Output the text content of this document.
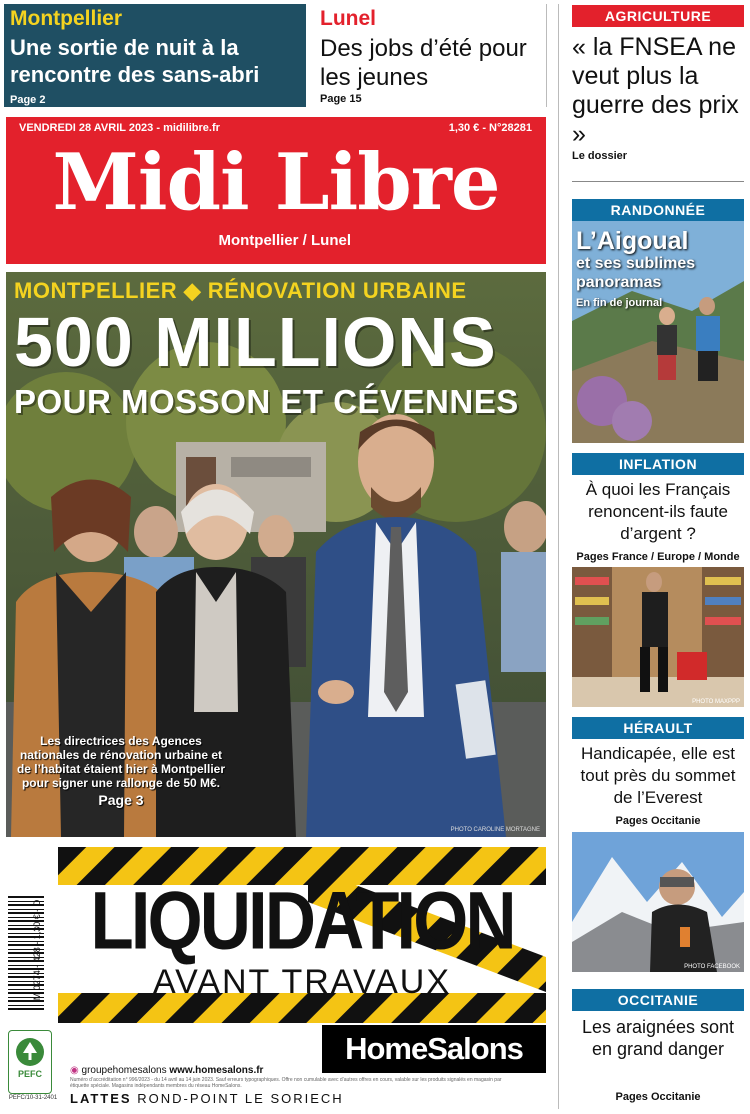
Montpellier
Une sortie de nuit à la rencontre des sans-abri
Page 2
Lunel
Des jobs d’été pour les jeunes
Page 15
VENDREDI 28 AVRIL 2023 - midilibre.fr	1,30 € - N°28281
Midi Libre
Montpellier / Lunel
MONTPELLIER ◆ RÉNOVATION URBAINE
500 MILLIONS
POUR MOSSON ET CÉVENNES
Les directrices des Agences nationales de rénovation urbaine et de l’habitat étaient hier à Montpellier pour signer une rallonge de 50 M€.
Page 3
PHOTO CAROLINE MORTAGNE
LIQUIDATION
AVANT TRAVAUX
HomeSalons
◉ groupehomesalons www.homesalons.fr
Numéro d’accréditation n° 996/2023 - du 14 avril au 14 juin 2023. Sauf erreurs typographiques. Offre non cumulable avec d’autres offres en cours, valable sur les produits signalés en magasin par étiquette spéciale. Magasins indépendants membres du réseau HomeSalons.
LATTES ROND-POINT LE SORIECH
M 0274 - 428 - 1,30 € - D
PEFC
PEFC/10-31-2401
AGRICULTURE
« la FNSEA ne veut plus la guerre des prix »
Le dossier
RANDONNÉE
L’Aigoual
et ses sublimes panoramas
En fin de journal
INFLATION
À quoi les Français renoncent-ils faute d’argent ?
Pages France / Europe / Monde
PHOTO MAXPPP
HÉRAULT
Handicapée, elle est tout près du sommet de l’Everest
Pages Occitanie
PHOTO FACEBOOK
OCCITANIE
Les araignées sont en grand danger
Pages Occitanie
